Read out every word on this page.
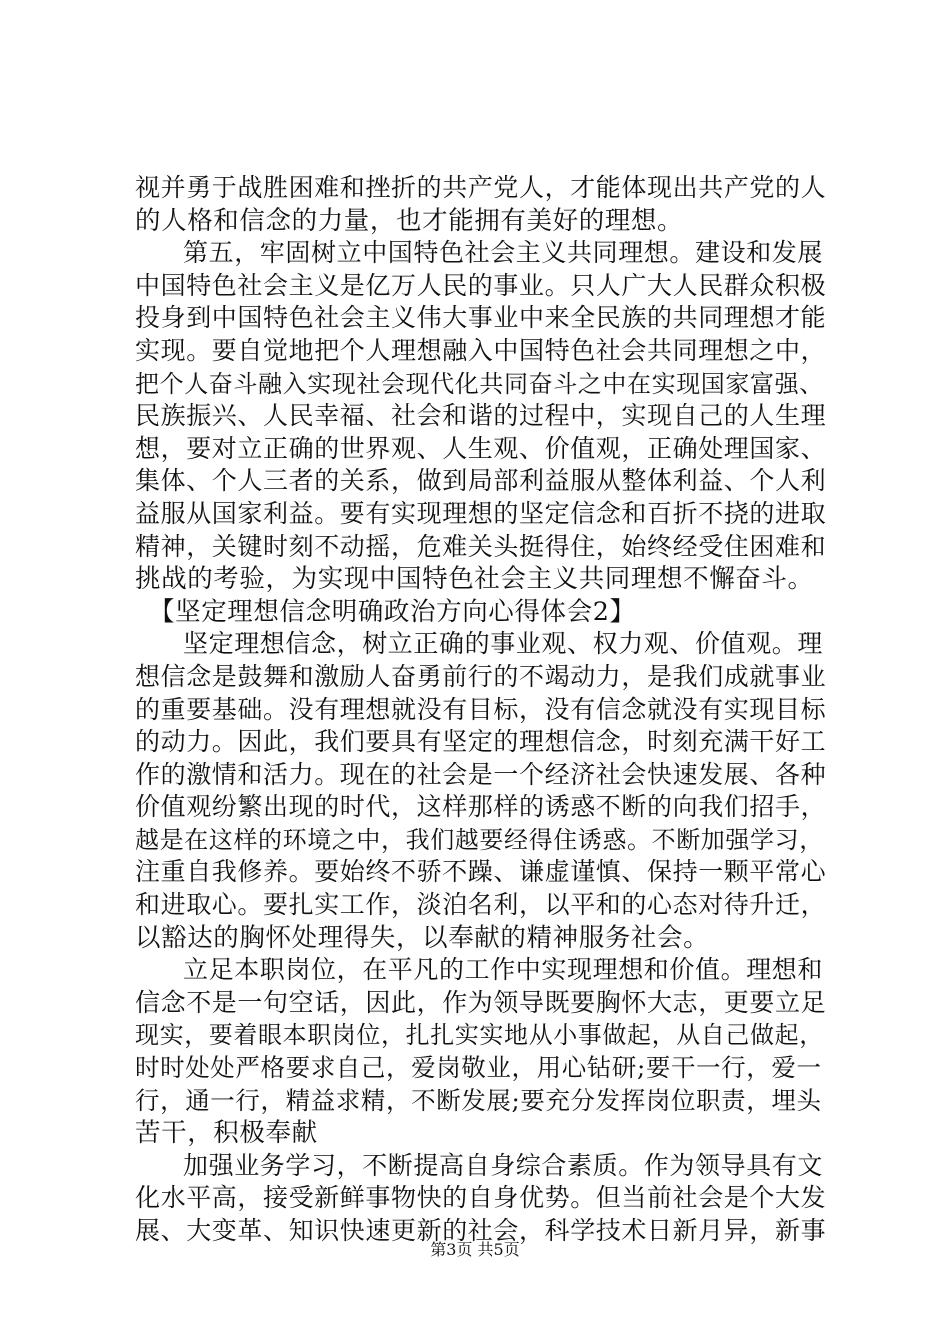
视并勇于战胜困难和挫折的共产党人，才能体现出共产党的人
的人格和信念的力量，也才能拥有美好的理想。
第五，牢固树立中国特色社会主义共同理想。建设和发展
中国特色社会主义是亿万人民的事业。只人广大人民群众积极
投身到中国特色社会主义伟大事业中来全民族的共同理想才能
实现。要自觉地把个人理想融入中国特色社会共同理想之中，
把个人奋斗融入实现社会现代化共同奋斗之中在实现国家富强、
民族振兴、人民幸福、社会和谐的过程中，实现自己的人生理
想，要对立正确的世界观、人生观、价值观，正确处理国家、
集体、个人三者的关系，做到局部利益服从整体利益、个人利
益服从国家利益。要有实现理想的坚定信念和百折不挠的进取
精神，关键时刻不动摇，危难关头挺得住，始终经受住困难和
挑战的考验，为实现中国特色社会主义共同理想不懈奋斗。
【坚定理想信念明确政治方向心得体会2】
坚定理想信念，树立正确的事业观、权力观、价值观。理
想信念是鼓舞和激励人奋勇前行的不竭动力，是我们成就事业
的重要基础。没有理想就没有目标，没有信念就没有实现目标
的动力。因此，我们要具有坚定的理想信念，时刻充满干好工
作的激情和活力。现在的社会是一个经济社会快速发展、各种
价值观纷繁出现的时代，这样那样的诱惑不断的向我们招手，
越是在这样的环境之中，我们越要经得住诱惑。不断加强学习，
注重自我修养。要始终不骄不躁、谦虚谨慎、保持一颗平常心
和进取心。要扎实工作，淡泊名利，以平和的心态对待升迁，
以豁达的胸怀处理得失，以奉献的精神服务社会。
立足本职岗位，在平凡的工作中实现理想和价值。理想和
信念不是一句空话，因此，作为领导既要胸怀大志，更要立足
现实，要着眼本职岗位，扎扎实实地从小事做起，从自己做起，
时时处处严格要求自己，爱岗敬业，用心钻研;要干一行，爱一
行，通一行，精益求精，不断发展;要充分发挥岗位职责，埋头
苦干，积极奉献
加强业务学习，不断提高自身综合素质。作为领导具有文
化水平高，接受新鲜事物快的自身优势。但当前社会是个大发
展、大变革、知识快速更新的社会，科学技术日新月异，新事
第3页 共5页
